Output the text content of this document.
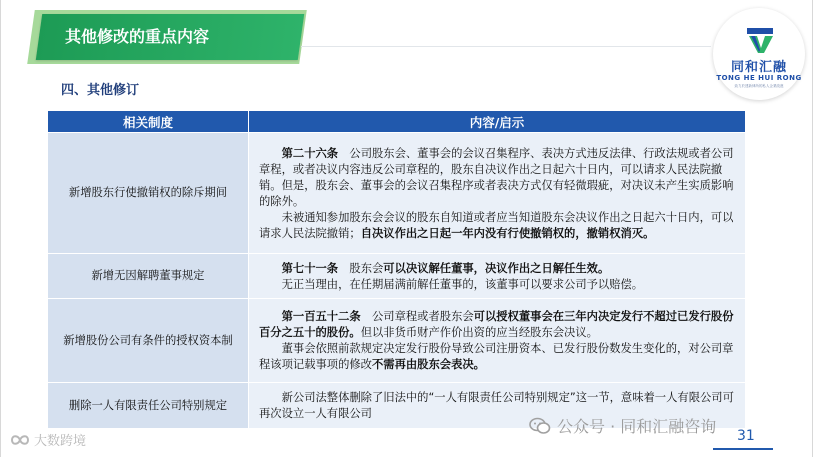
其他修改的重点内容
同和汇融
TONG HE HUI RONG
致力於建新律所的私人企業改進
四、其他修订
相关制度	内容/启示
新增股东行使撤销权的除斥期间	第二十六条　公司股东会、董事会的会议召集程序、表决方式违反法律、行政法规或者公司章程，或者决议内容违反公司章程的，股东自决议作出之日起六十日内，可以请求人民法院撤销。但是，股东会、董事会的会议召集程序或者表决方式仅有轻微瑕疵，对决议未产生实质影响的除外。
未被通知参加股东会会议的股东自知道或者应当知道股东会决议作出之日起六十日内，可以请求人民法院撤销；自决议作出之日起一年内没有行使撤销权的，撤销权消灭。

新增无因解聘董事规定	第七十一条　股东会可以决议解任董事，决议作出之日解任生效。
无正当理由，在任期届满前解任董事的，该董事可以要求公司予以赔偿。

新增股份公司有条件的授权资本制	第一百五十二条　公司章程或者股东会可以授权董事会在三年内决定发行不超过已发行股份百分之五十的股份。但以非货币财产作价出资的应当经股东会决议。
董事会依照前款规定决定发行股份导致公司注册资本、已发行股份数发生变化的，对公司章程该项记载事项的修改不需再由股东会表决。

删除一人有限责任公司特别规定	新公司法整体删除了旧法中的“一人有限责任公司特别规定”这一节，意味着一人有限公司可再次设立一人有限公司
大数跨境
公众号 · 同和汇融咨询 31
